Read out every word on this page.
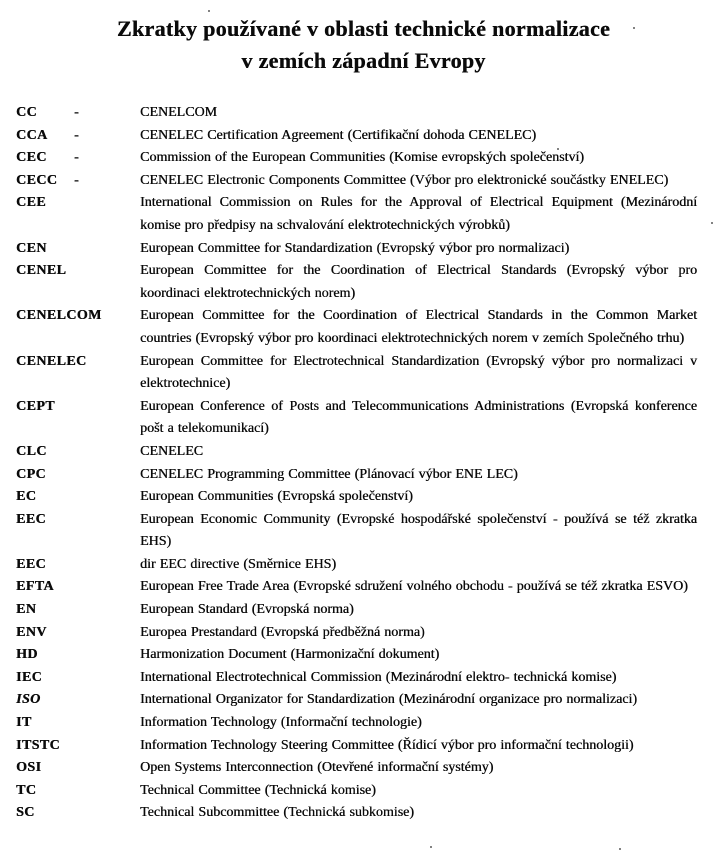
Zkratky používané v oblasti technické normalizace
v zemích západní Evropy
CC	-	CENELCOM
CCA	-	CENELEC Certification Agreement (Certifikační dohoda CENELEC)
CEC	-	Commission of the European Communities (Komise evropských společenství)
CECC	-	CENELEC Electronic Components Committee (Výbor pro elektronické součástky ENELEC)
CEE	International Commission on Rules for the Approval of Electrical Equipment (Mezinárodní komise pro předpisy na schvalování elektrotechnických výrobků)
CEN	European Committee for Standardization (Evropský výbor pro normalizaci)
CENEL	European Committee for the Coordination of Electrical Standards (Evropský výbor pro koordinaci elektrotechnických norem)
CENELCOM	European Committee for the Coordination of Electrical Standards in the Common Market countries (Evropský výbor pro koordinaci elektrotechnických norem v zemích Společného trhu)
CENELEC	European Committee for Electrotechnical Standardization (Evropský výbor pro normalizaci v elektrotechnice)
CEPT	European Conference of Posts and Telecommunications Administrations (Evropská konference pošt a telekomunikací)
CLC	CENELEC
CPC	CENELEC Programming Committee (Plánovací výbor ENE LEC)
EC	European Communities (Evropská společenství)
EEC	European Economic Community (Evropské hospodářské společenství - používá se též zkratka EHS)
EEC	dir EEC directive (Směrnice EHS)
EFTA	European Free Trade Area (Evropské sdružení volného obchodu - používá se též zkratka ESVO)
EN	European Standard (Evropská norma)
ENV	Europea Prestandard (Evropská předběžná norma)
HD	Harmonization Document (Harmonizační dokument)
IEC	International Electrotechnical Commission (Mezinárodní elektro- technická komise)
ISO	International Organizator for Standardization (Mezinárodní organizace pro normalizaci)
IT	Information Technology (Informační technologie)
ITSTC	Information Technology Steering Committee (Řídicí výbor pro informační technologii)
OSI	Open Systems Interconnection (Otevřené informační systémy)
TC	Technical Committee (Technická komise)
SC	Technical Subcommittee (Technická subkomise)
